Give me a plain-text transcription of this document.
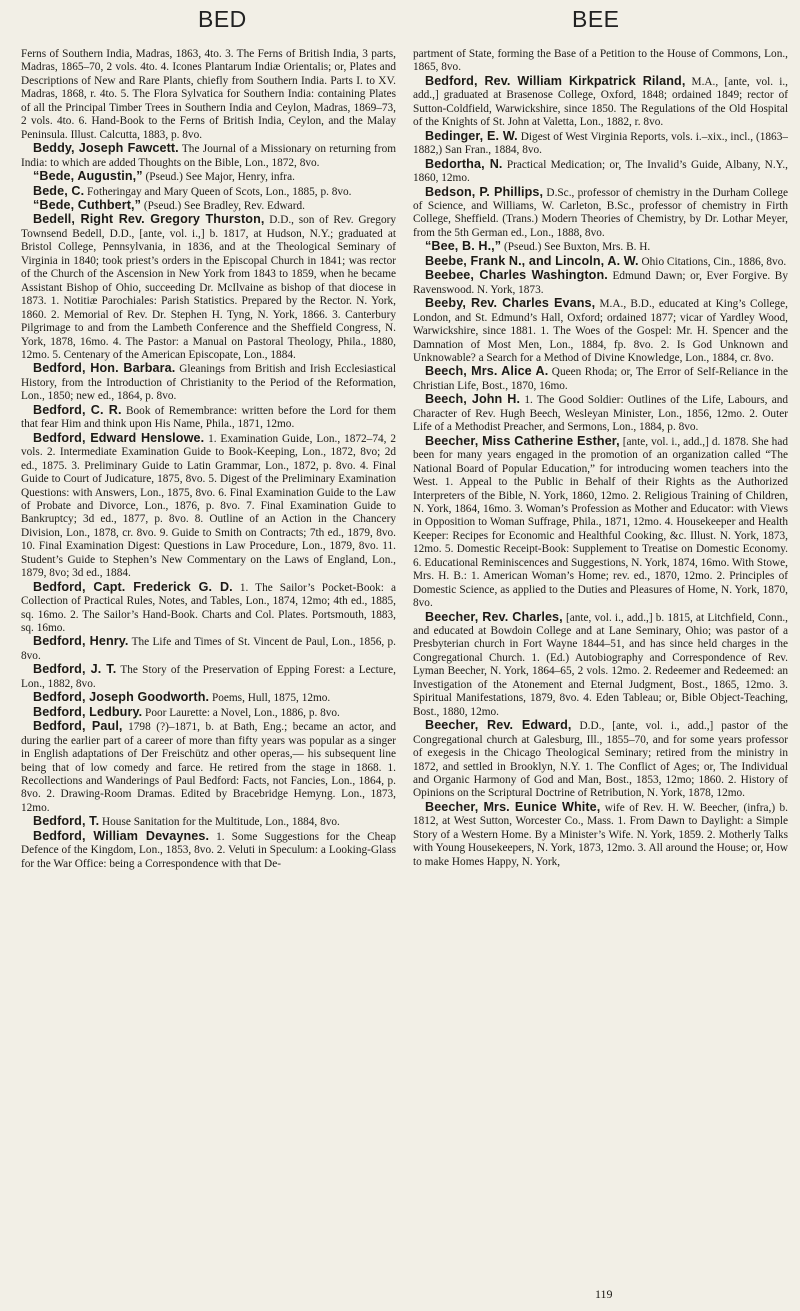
BED	BEE

Ferns of Southern India, Madras, 1863, 4to. 3. The Ferns of British India, 3 parts, Madras, 1865–70, 2 vols. 4to. 4. Icones Plantarum Indiæ Orientalis; or, Plates and Descriptions of New and Rare Plants, chiefly from Southern India. Parts I. to XV. Madras, 1868, r. 4to. 5. The Flora Sylvatica for Southern India: containing Plates of all the Principal Timber Trees in Southern India and Ceylon, Madras, 1869–73, 2 vols. 4to. 6. Hand-Book to the Ferns of British India, Ceylon, and the Malay Peninsula. Illust. Calcutta, 1883, p. 8vo.

Beddy, Joseph Fawcett. The Journal of a Missionary on returning from India: to which are added Thoughts on the Bible, Lon., 1872, 8vo.

“Bede, Augustin,” (Pseud.) See Major, Henry, infra.

Bede, C. Fotheringay and Mary Queen of Scots, Lon., 1885, p. 8vo.

“Bede, Cuthbert,” (Pseud.) See Bradley, Rev. Edward.

Bedell, Right Rev. Gregory Thurston, D.D., son of Rev. Gregory Townsend Bedell, D.D., [ante, vol. i.,] b. 1817, at Hudson, N.Y.; graduated at Bristol College, Pennsylvania, in 1836, and at the Theological Seminary of Virginia in 1840; took priest’s orders in the Episcopal Church in 1841; was rector of the Church of the Ascension in New York from 1843 to 1859, when he became Assistant Bishop of Ohio, succeeding Dr. McIlvaine as bishop of that diocese in 1873. 1. Notitiæ Parochiales: Parish Statistics. Prepared by the Rector. N. York, 1860. 2. Memorial of Rev. Dr. Stephen H. Tyng, N. York, 1866. 3. Canterbury Pilgrimage to and from the Lambeth Conference and the Sheffield Congress, N. York, 1878, 16mo. 4. The Pastor: a Manual on Pastoral Theology, Phila., 1880, 12mo. 5. Centenary of the American Episcopate, Lon., 1884.

Bedford, Hon. Barbara. Gleanings from British and Irish Ecclesiastical History, from the Introduction of Christianity to the Period of the Reformation, Lon., 1850; new ed., 1864, p. 8vo.

Bedford, C. R. Book of Remembrance: written before the Lord for them that fear Him and think upon His Name, Phila., 1871, 12mo.

Bedford, Edward Henslowe. 1. Examination Guide, Lon., 1872–74, 2 vols. 2. Intermediate Examination Guide to Book-Keeping, Lon., 1872, 8vo; 2d ed., 1875. 3. Preliminary Guide to Latin Grammar, Lon., 1872, p. 8vo. 4. Final Guide to Court of Judicature, 1875, 8vo. 5. Digest of the Preliminary Examination Questions: with Answers, Lon., 1875, 8vo. 6. Final Examination Guide to the Law of Probate and Divorce, Lon., 1876, p. 8vo. 7. Final Examination Guide to Bankruptcy; 3d ed., 1877, p. 8vo. 8. Outline of an Action in the Chancery Division, Lon., 1878, cr. 8vo. 9. Guide to Smith on Contracts; 7th ed., 1879, 8vo. 10. Final Examination Digest: Questions in Law Procedure, Lon., 1879, 8vo. 11. Student’s Guide to Stephen’s New Commentary on the Laws of England, Lon., 1879, 8vo; 3d ed., 1884.

Bedford, Capt. Frederick G. D. 1. The Sailor’s Pocket-Book: a Collection of Practical Rules, Notes, and Tables, Lon., 1874, 12mo; 4th ed., 1885, sq. 16mo. 2. The Sailor’s Hand-Book. Charts and Col. Plates. Portsmouth, 1883, sq. 16mo.

Bedford, Henry. The Life and Times of St. Vincent de Paul, Lon., 1856, p. 8vo.

Bedford, J. T. The Story of the Preservation of Epping Forest: a Lecture, Lon., 1882, 8vo.

Bedford, Joseph Goodworth. Poems, Hull, 1875, 12mo.

Bedford, Ledbury. Poor Laurette: a Novel, Lon., 1886, p. 8vo.

Bedford, Paul, 1798 (?)–1871, b. at Bath, Eng.; became an actor, and during the earlier part of a career of more than fifty years was popular as a singer in English adaptations of Der Freischütz and other operas,— his subsequent line being that of low comedy and farce. He retired from the stage in 1868. 1. Recollections and Wanderings of Paul Bedford: Facts, not Fancies, Lon., 1864, p. 8vo. 2. Drawing-Room Dramas. Edited by Bracebridge Hemyng. Lon., 1873, 12mo.

Bedford, T. House Sanitation for the Multitude, Lon., 1884, 8vo.

Bedford, William Devaynes. 1. Some Suggestions for the Cheap Defence of the Kingdom, Lon., 1853, 8vo. 2. Veluti in Speculum: a Looking-Glass for the War Office: being a Correspondence with that De-

partment of State, forming the Base of a Petition to the House of Commons, Lon., 1865, 8vo.

Bedford, Rev. William Kirkpatrick Riland, M.A., [ante, vol. i., add.,] graduated at Brasenose College, Oxford, 1848; ordained 1849; rector of Sutton-Coldfield, Warwickshire, since 1850. The Regulations of the Old Hospital of the Knights of St. John at Valetta, Lon., 1882, r. 8vo.

Bedinger, E. W. Digest of West Virginia Reports, vols. i.–xix., incl., (1863–1882,) San Fran., 1884, 8vo.

Bedortha, N. Practical Medication; or, The Invalid’s Guide, Albany, N.Y., 1860, 12mo.

Bedson, P. Phillips, D.Sc., professor of chemistry in the Durham College of Science, and Williams, W. Carleton, B.Sc., professor of chemistry in Firth College, Sheffield. (Trans.) Modern Theories of Chemistry, by Dr. Lothar Meyer, from the 5th German ed., Lon., 1888, 8vo.

“Bee, B. H.,” (Pseud.) See Buxton, Mrs. B. H.

Beebe, Frank N., and Lincoln, A. W. Ohio Citations, Cin., 1886, 8vo.

Beebee, Charles Washington. Edmund Dawn; or, Ever Forgive. By Ravenswood. N. York, 1873.

Beeby, Rev. Charles Evans, M.A., B.D., educated at King’s College, London, and St. Edmund’s Hall, Oxford; ordained 1877; vicar of Yardley Wood, Warwickshire, since 1881. 1. The Woes of the Gospel: Mr. H. Spencer and the Damnation of Most Men, Lon., 1884, fp. 8vo. 2. Is God Unknown and Unknowable? a Search for a Method of Divine Knowledge, Lon., 1884, cr. 8vo.

Beech, Mrs. Alice A. Queen Rhoda; or, The Error of Self-Reliance in the Christian Life, Bost., 1870, 16mo.

Beech, John H. 1. The Good Soldier: Outlines of the Life, Labours, and Character of Rev. Hugh Beech, Wesleyan Minister, Lon., 1856, 12mo. 2. Outer Life of a Methodist Preacher, and Sermons, Lon., 1884, p. 8vo.

Beecher, Miss Catherine Esther, [ante, vol. i., add.,] d. 1878. She had been for many years engaged in the promotion of an organization called “The National Board of Popular Education,” for introducing women teachers into the West. 1. Appeal to the Public in Behalf of their Rights as the Authorized Interpreters of the Bible, N. York, 1860, 12mo. 2. Religious Training of Children, N. York, 1864, 16mo. 3. Woman’s Profession as Mother and Educator: with Views in Opposition to Woman Suffrage, Phila., 1871, 12mo. 4. Housekeeper and Health Keeper: Recipes for Economic and Healthful Cooking, &c. Illust. N. York, 1873, 12mo. 5. Domestic Receipt-Book: Supplement to Treatise on Domestic Economy. 6. Educational Reminiscences and Suggestions, N. York, 1874, 16mo. With Stowe, Mrs. H. B.: 1. American Woman’s Home; rev. ed., 1870, 12mo. 2. Principles of Domestic Science, as applied to the Duties and Pleasures of Home, N. York, 1870, 8vo.

Beecher, Rev. Charles, [ante, vol. i., add.,] b. 1815, at Litchfield, Conn., and educated at Bowdoin College and at Lane Seminary, Ohio; was pastor of a Presbyterian church in Fort Wayne 1844–51, and has since held charges in the Congregational Church. 1. (Ed.) Autobiography and Correspondence of Rev. Lyman Beecher, N. York, 1864–65, 2 vols. 12mo. 2. Redeemer and Redeemed: an Investigation of the Atonement and Eternal Judgment, Bost., 1865, 12mo. 3. Spiritual Manifestations, 1879, 8vo. 4. Eden Tableau; or, Bible Object-Teaching, Bost., 1880, 12mo.

Beecher, Rev. Edward, D.D., [ante, vol. i., add.,] pastor of the Congregational church at Galesburg, Ill., 1855–70, and for some years professor of exegesis in the Chicago Theological Seminary; retired from the ministry in 1872, and settled in Brooklyn, N.Y. 1. The Conflict of Ages; or, The Individual and Organic Harmony of God and Man, Bost., 1853, 12mo; 1860. 2. History of Opinions on the Scriptural Doctrine of Retribution, N. York, 1878, 12mo.

Beecher, Mrs. Eunice White, wife of Rev. H. W. Beecher, (infra,) b. 1812, at West Sutton, Worcester Co., Mass. 1. From Dawn to Daylight: a Simple Story of a Western Home. By a Minister’s Wife. N. York, 1859. 2. Motherly Talks with Young Housekeepers, N. York, 1873, 12mo. 3. All around the House; or, How to make Homes Happy, N. York,

119
